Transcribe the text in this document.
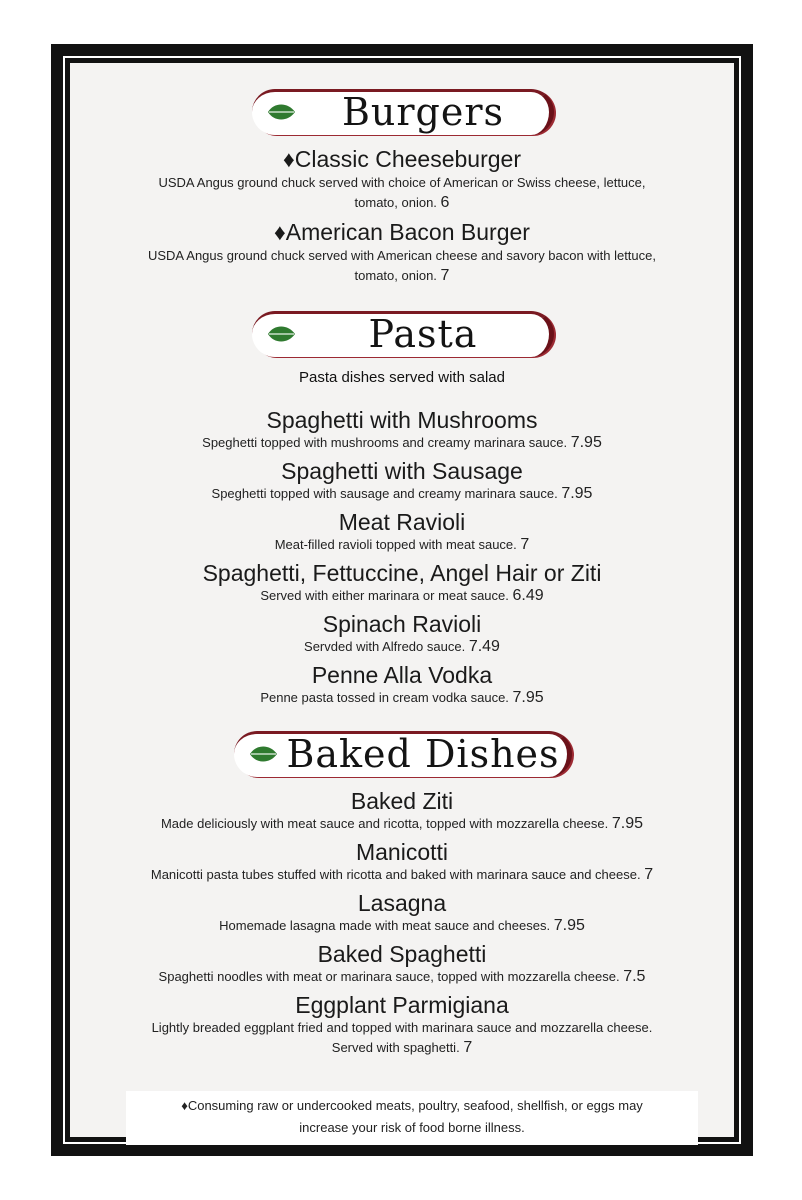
Burgers
♦Classic Cheeseburger
USDA Angus ground chuck served with choice of American or Swiss cheese, lettuce,
tomato, onion. 6
♦American Bacon Burger
USDA Angus ground chuck served with American cheese and savory bacon with lettuce,
tomato, onion. 7
Pasta
Pasta dishes served with salad
Spaghetti with Mushrooms
Speghetti topped with mushrooms and creamy marinara sauce. 7.95
Spaghetti with Sausage
Speghetti topped with sausage and creamy marinara sauce. 7.95
Meat Ravioli
Meat-filled ravioli topped with meat sauce. 7
Spaghetti, Fettuccine, Angel Hair or Ziti
Served with either marinara or meat sauce. 6.49
Spinach Ravioli
Servded with Alfredo sauce. 7.49
Penne Alla Vodka
Penne pasta tossed in cream vodka sauce. 7.95
Baked Dishes
Baked Ziti
Made deliciously with meat sauce and ricotta, topped with mozzarella cheese. 7.95
Manicotti
Manicotti pasta tubes stuffed with ricotta and baked with marinara sauce and cheese. 7
Lasagna
Homemade lasagna made with meat sauce and cheeses. 7.95
Baked Spaghetti
Spaghetti noodles with meat or marinara sauce, topped with mozzarella cheese. 7.5
Eggplant Parmigiana
Lightly breaded eggplant fried and topped with marinara sauce and mozzarella cheese.
Served with spaghetti. 7
♦Consuming raw or undercooked meats, poultry, seafood, shellfish, or eggs may
increase your risk of food borne illness.
